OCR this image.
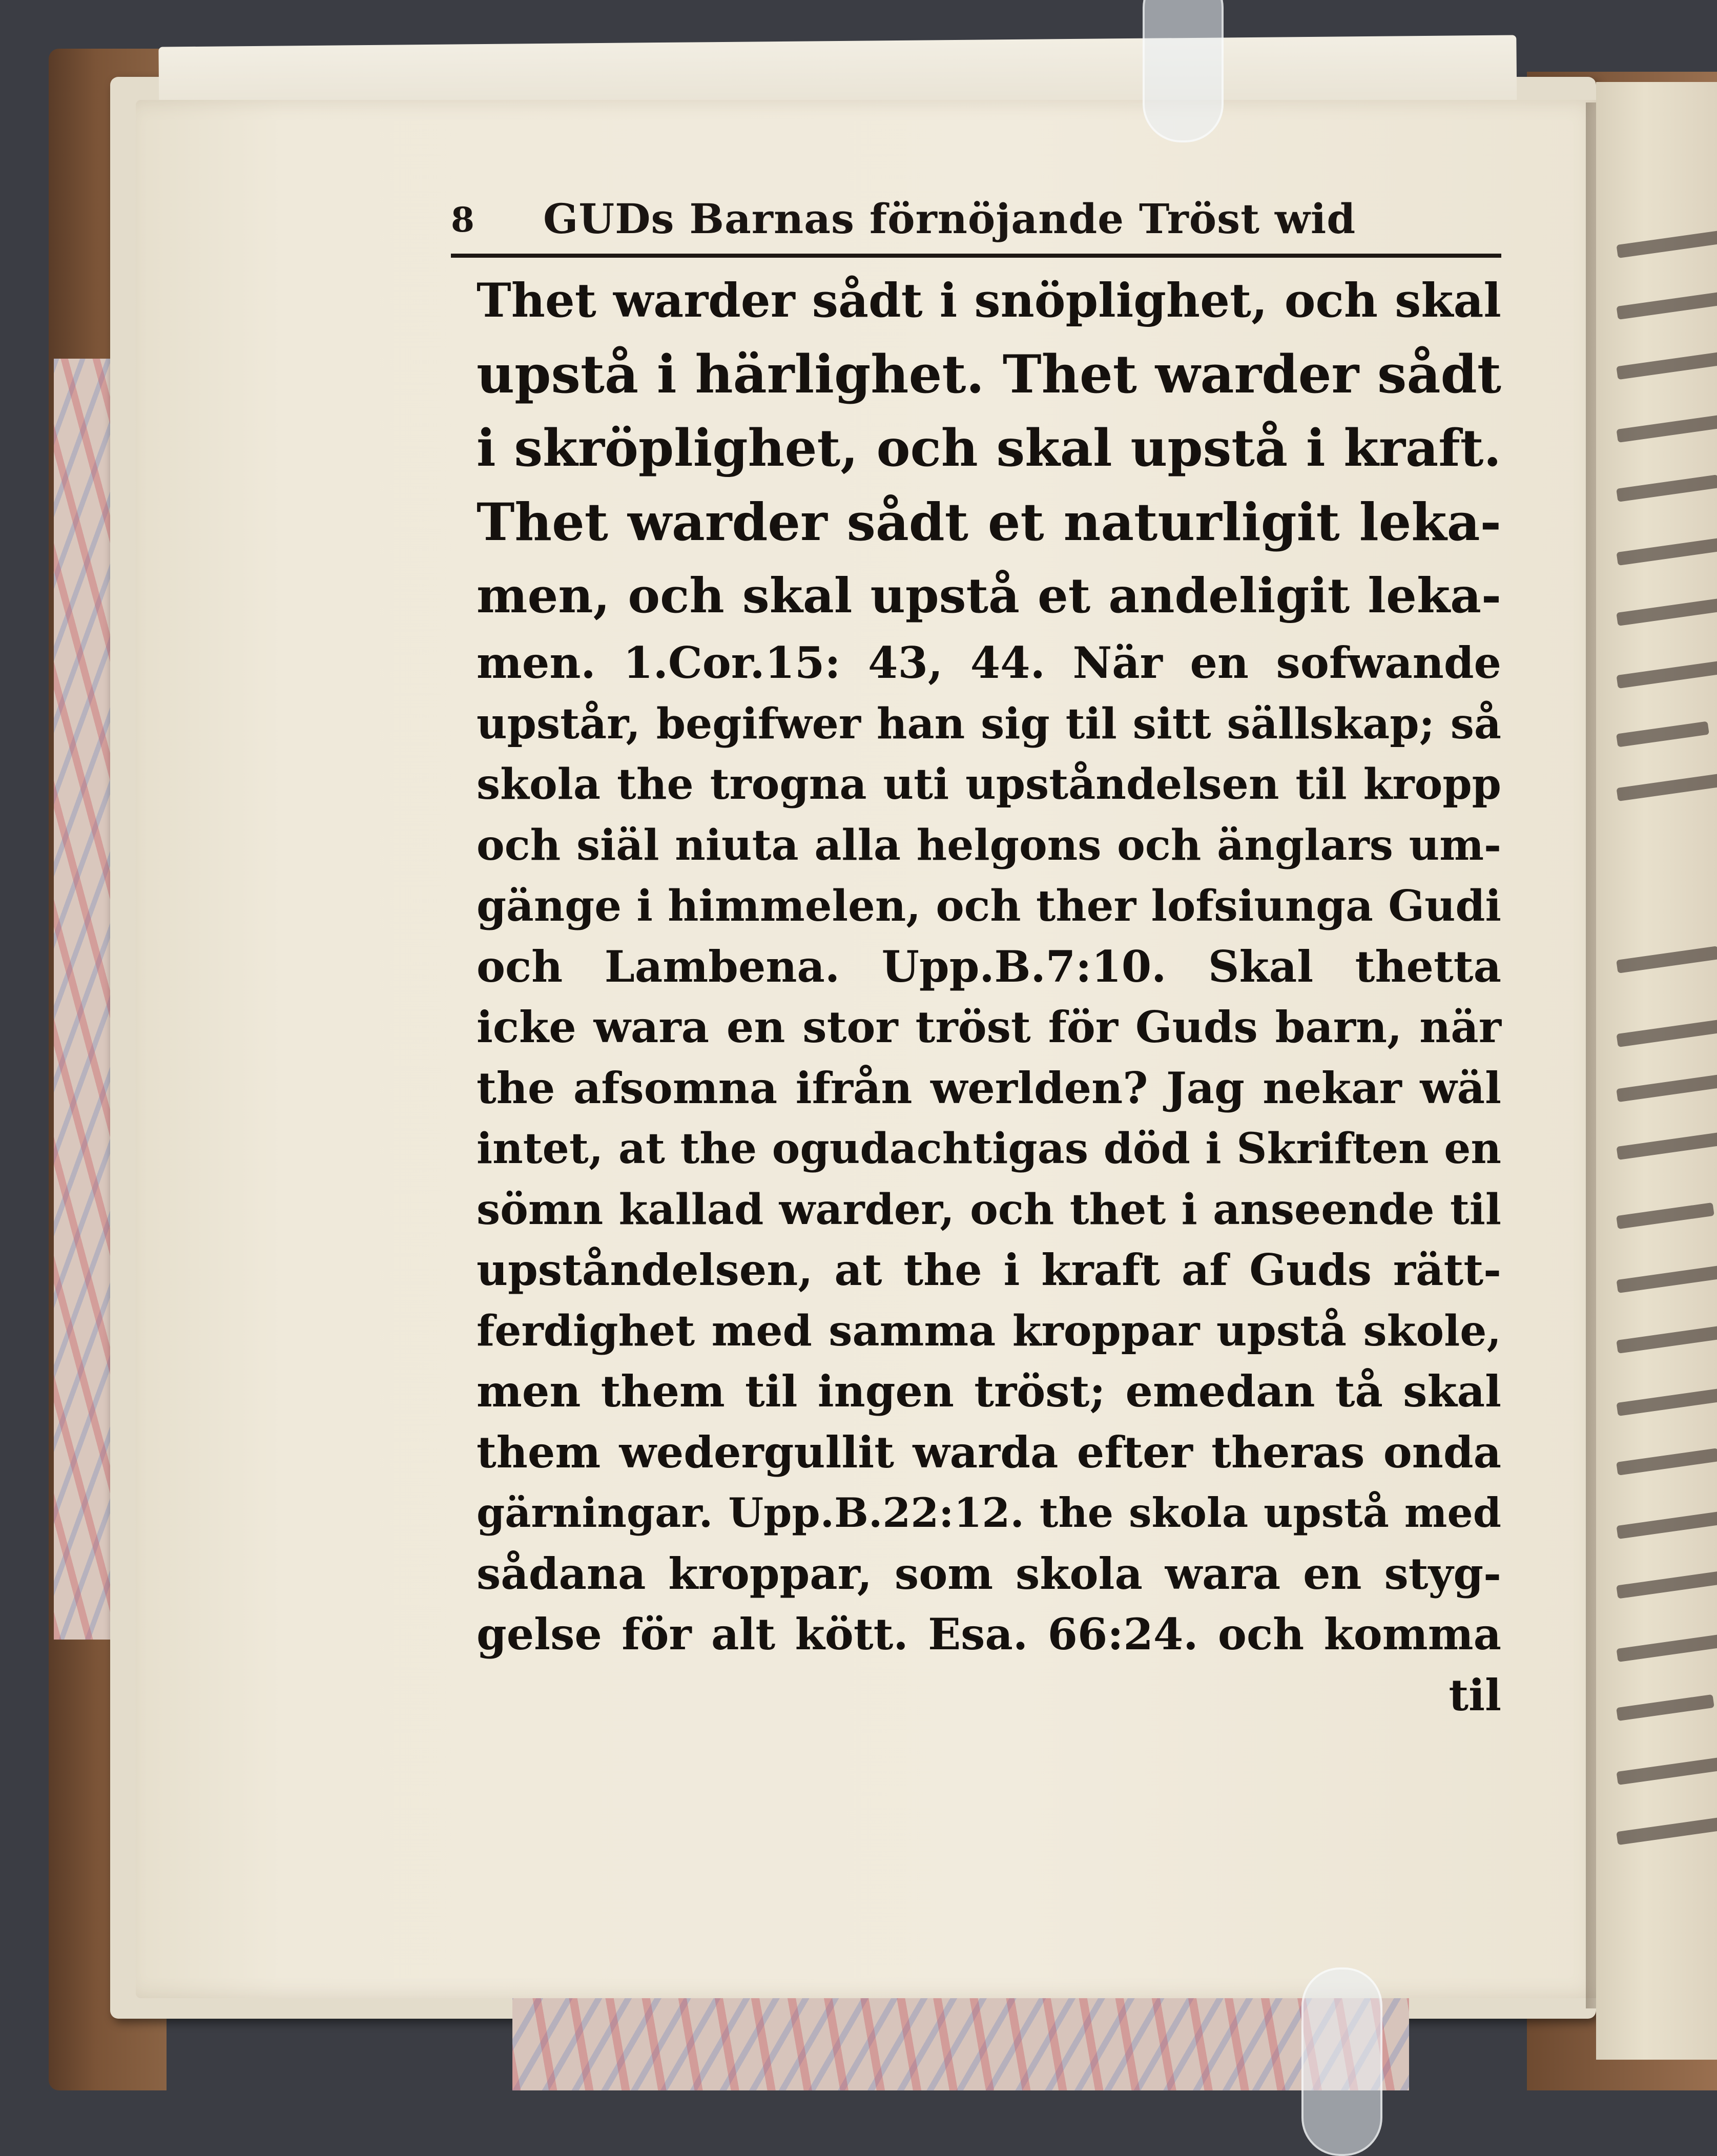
8 GUDs Barnas förnöjande Tröst wid
Thet warder sådt i snöplighet, och skal
upstå i härlighet. Thet warder sådt
i skröplighet, och skal upstå i kraft.
Thet warder sådt et naturligit leka-
men, och skal upstå et andeligit leka-
men. 1.Cor.15: 43, 44. När en sofwande
upstår, begifwer han sig til sitt sällskap; så
skola the trogna uti upståndelsen til kropp
och siäl niuta alla helgons och änglars um-
gänge i himmelen, och ther lofsiunga Gudi
och Lambena. Upp.B.7:10. Skal thetta
icke wara en stor tröst för Guds barn, när
the afsomna ifrån werlden? Jag nekar wäl
intet, at the ogudachtigas död i Skriften en
sömn kallad warder, och thet i anseende til
upståndelsen, at the i kraft af Guds rätt-
ferdighet med samma kroppar upstå skole,
men them til ingen tröst; emedan tå skal
them wedergullit warda efter theras onda
gärningar. Upp.B.22:12. the skola upstå med
sådana kroppar, som skola wara en styg-
gelse för alt kött. Esa. 66:24. och komma
til
